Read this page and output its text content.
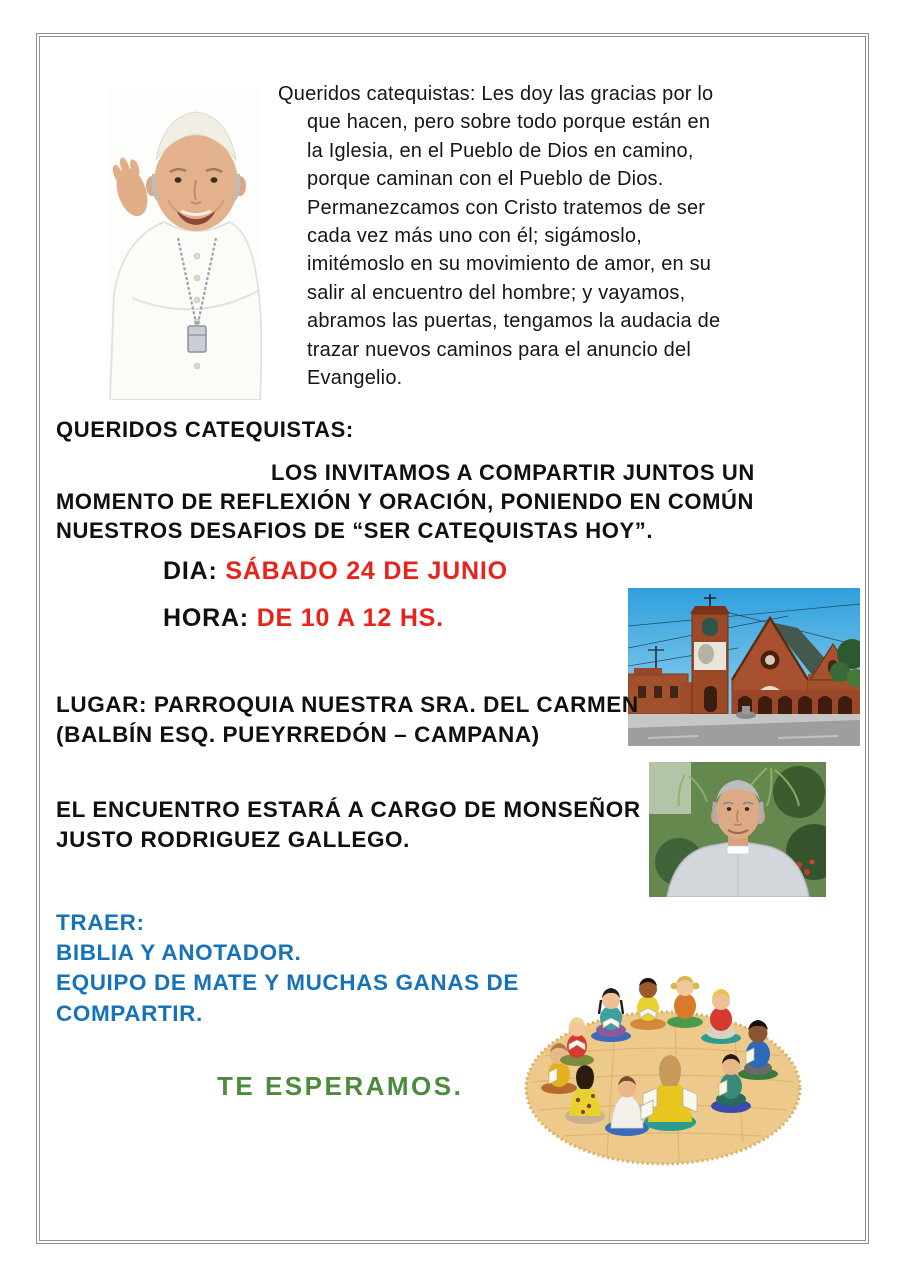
Queridos catequistas: Les doy las gracias por lo
que hacen, pero sobre todo porque están en
la Iglesia, en el Pueblo de Dios en camino,
porque caminan con el Pueblo de Dios.
Permanezcamos con Cristo tratemos de ser
cada vez más uno con él; sigámoslo,
imitémoslo en su movimiento de amor, en su
salir al encuentro del hombre; y vayamos,
abramos las puertas, tengamos la audacia de
trazar nuevos caminos para el anuncio del
Evangelio.
QUERIDOS CATEQUISTAS:
LOS INVITAMOS A COMPARTIR JUNTOS UN
MOMENTO DE REFLEXIÓN Y ORACIÓN, PONIENDO EN COMÚN
NUESTROS DESAFIOS DE “SER CATEQUISTAS HOY”.
DIA: SÁBADO 24 DE JUNIO
HORA: DE 10 A 12 HS.
LUGAR: PARROQUIA NUESTRA SRA. DEL CARMEN
(BALBÍN ESQ. PUEYRREDÓN – CAMPANA)
EL ENCUENTRO ESTARÁ A CARGO DE MONSEÑOR
JUSTO RODRIGUEZ GALLEGO.
TRAER:
BIBLIA Y ANOTADOR.
EQUIPO DE MATE Y MUCHAS GANAS DE
COMPARTIR.
TE ESPERAMOS.
